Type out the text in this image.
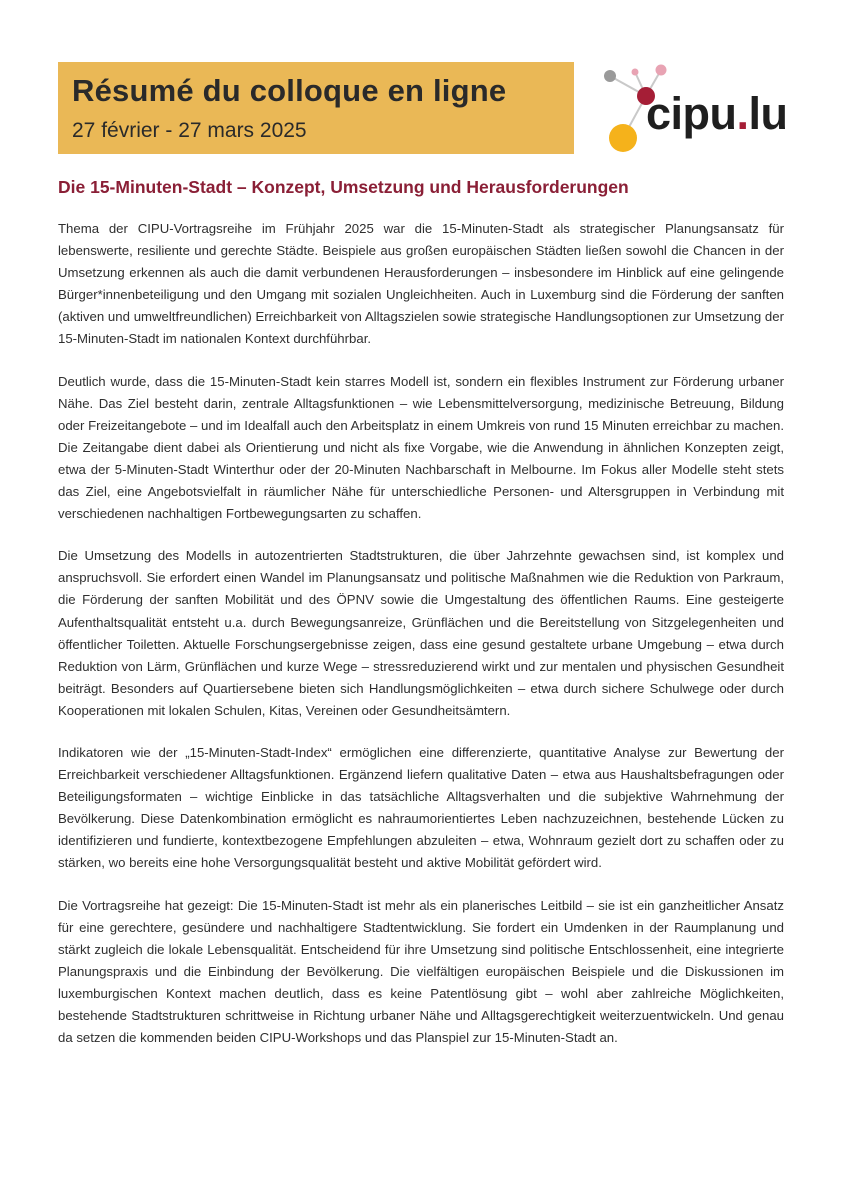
Résumé du colloque en ligne
27 février - 27 mars 2025	cipu.lu
Die 15-Minuten-Stadt – Konzept, Umsetzung und Herausforderungen

Thema der CIPU-Vortragsreihe im Frühjahr 2025 war die 15-Minuten-Stadt als strategischer Planungsansatz für lebenswerte, resiliente und gerechte Städte. Beispiele aus großen europäischen Städten ließen sowohl die Chancen in der Umsetzung erkennen als auch die damit verbundenen Herausforderungen – insbesondere im Hinblick auf eine gelingende Bürger*innenbeteiligung und den Umgang mit sozialen Ungleichheiten. Auch in Luxemburg sind die Förderung der sanften (aktiven und umweltfreundlichen) Erreichbarkeit von Alltagszielen sowie strategische Handlungsoptionen zur Umsetzung der 15-Minuten-Stadt im nationalen Kontext durchführbar.

Deutlich wurde, dass die 15-Minuten-Stadt kein starres Modell ist, sondern ein flexibles Instrument zur Förderung urbaner Nähe. Das Ziel besteht darin, zentrale Alltagsfunktionen – wie Lebensmittelversorgung, medizinische Betreuung, Bildung oder Freizeitangebote – und im Idealfall auch den Arbeitsplatz in einem Umkreis von rund 15 Minuten erreichbar zu machen. Die Zeitangabe dient dabei als Orientierung und nicht als fixe Vorgabe, wie die Anwendung in ähnlichen Konzepten zeigt, etwa der 5-Minuten-Stadt Winterthur oder der 20-Minuten Nachbarschaft in Melbourne. Im Fokus aller Modelle steht stets das Ziel, eine Angebotsvielfalt in räumlicher Nähe für unterschiedliche Personen- und Altersgruppen in Verbindung mit verschiedenen nachhaltigen Fortbewegungsarten zu schaffen.

Die Umsetzung des Modells in autozentrierten Stadtstrukturen, die über Jahrzehnte gewachsen sind, ist komplex und anspruchsvoll. Sie erfordert einen Wandel im Planungsansatz und politische Maßnahmen wie die Reduktion von Parkraum, die Förderung der sanften Mobilität und des ÖPNV sowie die Umgestaltung des öffentlichen Raums. Eine gesteigerte Aufenthaltsqualität entsteht u.a. durch Bewegungsanreize, Grünflächen und die Bereitstellung von Sitzgelegenheiten und öffentlicher Toiletten. Aktuelle Forschungsergebnisse zeigen, dass eine gesund gestaltete urbane Umgebung – etwa durch Reduktion von Lärm, Grünflächen und kurze Wege – stressreduzierend wirkt und zur mentalen und physischen Gesundheit beiträgt. Besonders auf Quartiersebene bieten sich Handlungsmöglichkeiten – etwa durch sichere Schulwege oder durch Kooperationen mit lokalen Schulen, Kitas, Vereinen oder Gesundheitsämtern.

Indikatoren wie der „15-Minuten-Stadt-Index“ ermöglichen eine differenzierte, quantitative Analyse zur Bewertung der Erreichbarkeit verschiedener Alltagsfunktionen. Ergänzend liefern qualitative Daten – etwa aus Haushaltsbefragungen oder Beteiligungsformaten – wichtige Einblicke in das tatsächliche Alltagsverhalten und die subjektive Wahrnehmung der Bevölkerung. Diese Datenkombination ermöglicht es nahraumorientiertes Leben nachzuzeichnen, bestehende Lücken zu identifizieren und fundierte, kontextbezogene Empfehlungen abzuleiten – etwa, Wohnraum gezielt dort zu schaffen oder zu stärken, wo bereits eine hohe Versorgungsqualität besteht und aktive Mobilität gefördert wird.

Die Vortragsreihe hat gezeigt: Die 15-Minuten-Stadt ist mehr als ein planerisches Leitbild – sie ist ein ganzheitlicher Ansatz für eine gerechtere, gesündere und nachhaltigere Stadtentwicklung. Sie fordert ein Umdenken in der Raumplanung und stärkt zugleich die lokale Lebensqualität. Entscheidend für ihre Umsetzung sind politische Entschlossenheit, eine integrierte Planungspraxis und die Einbindung der Bevölkerung. Die vielfältigen europäischen Beispiele und die Diskussionen im luxemburgischen Kontext machen deutlich, dass es keine Patentlösung gibt – wohl aber zahlreiche Möglichkeiten, bestehende Stadtstrukturen schrittweise in Richtung urbaner Nähe und Alltagsgerechtigkeit weiterzuentwickeln. Und genau da setzen die kommenden beiden CIPU-Workshops und das Planspiel zur 15-Minuten-Stadt an.
